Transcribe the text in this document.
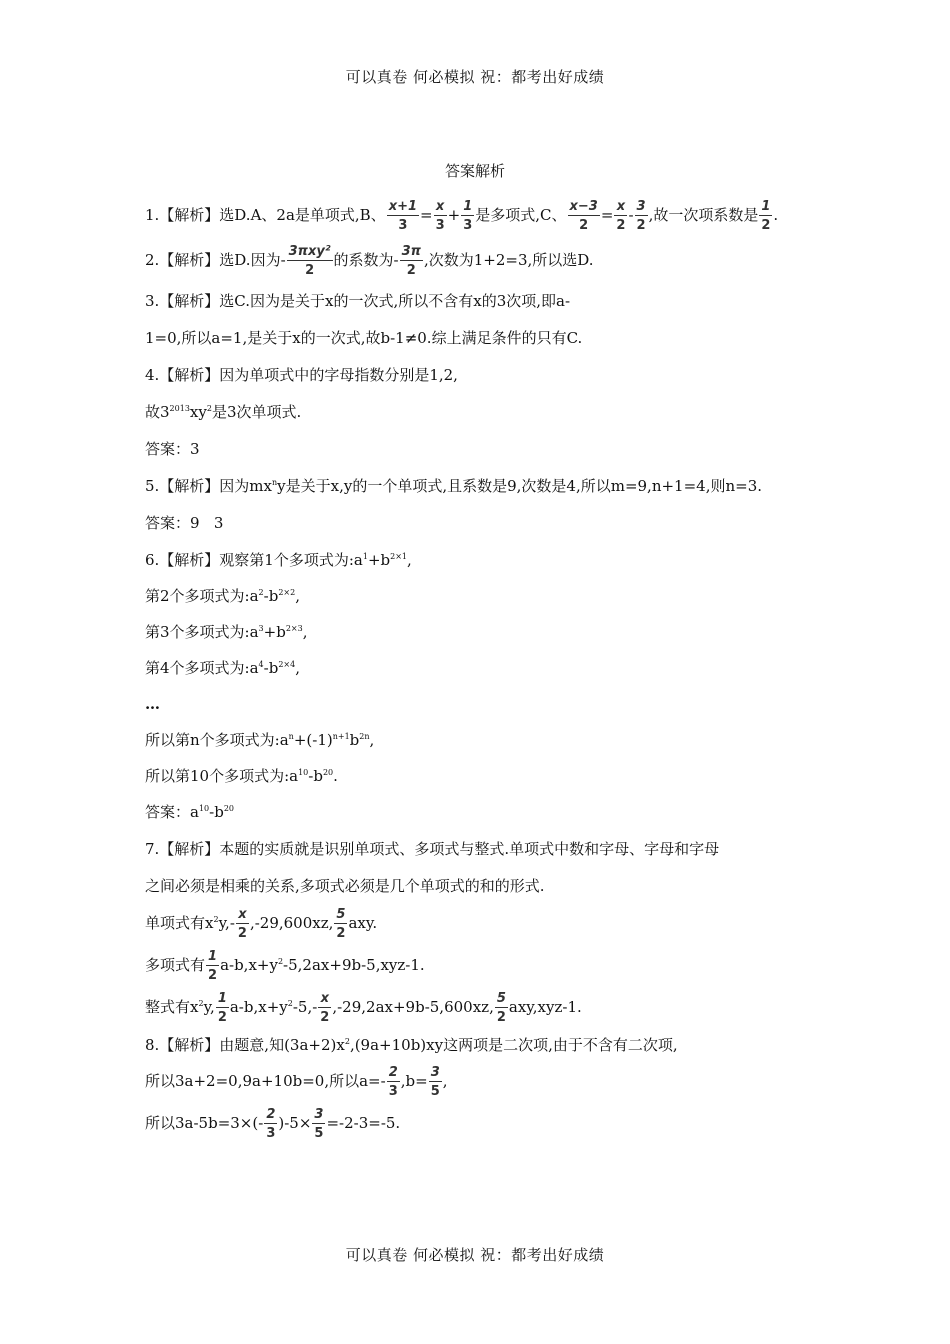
可以真卷 何必模拟 祝：都考出好成绩
答案解析
1.【解析】选D.A、2a是单项式,B、 $\frac{x+1}{3} = \frac{x}{3} + \frac{1}{3}$ 是多项式,C、 $\frac{x-3}{2} = \frac{x}{2} - \frac{3}{2}$ ,故一次项系数是 $\frac{1}{2}$ .
2.【解析】选D.因为- $\frac{\text{3πxy²}}{2}$ 的系数为- $\frac{3\pi}{2}$ ,次数为1+2=3,所以选D.
3.【解析】选C.因为是关于x的一次式,所以不含有x的3次项,即a-
1=0,所以a=1,是关于x的一次式,故b-1≠0.综上满足条件的只有C.
4.【解析】因为单项式中的字母指数分别是1,2,
故$3^{2013}xy^2$是3次单项式.
答案：3
5.【解析】因为$mx^ny$是关于x,y的一个单项式,且系数是9,次数是4,所以m=9,n+1=4,则n=3.
答案：9   3
6.【解析】观察第1个多项式为$:a^1+b^{2\times 1}$,
第2个多项式为$:a^2-b^{2\times 2}$,
第3个多项式为$:a^3+b^{2\times 3}$,
第4个多项式为$:a^4-b^{2\times 4}$,
…
所以第n个多项式为$:a^n+(-1)^{n+1}b^{2n}$,
所以第10个多项式为$:a^{10}-b^{20}$.
答案：$a^{10}-b^{20}$
7.【解析】本题的实质就是识别单项式、多项式与整式.单项式中数和字母、字母和字母
之间必须是相乘的关系,多项式必须是几个单项式的和的形式.
单项式有$x^2y,- \frac{x}{2} ,-29,600xz$, $\frac{5}{2}$ axy.
多项式有 $\frac{1}{2} a-b,x+y^2-5,2ax+9b-5,xyz-1$.
整式有$x^2y$, $\frac{1}{2} a-b,x+y^2-5,- \frac{x}{2} ,-29,2ax+9b-5,600xz$, $\frac{5}{2} axy,xyz-1$.
8.【解析】由题意,知$(3a+2)x^2,(9a+10b)xy$这两项是二次项,由于不含有二次项,
所以3a+2=0,9a+10b=0,所以$a=- \frac{2}{3} ,b= \frac{3}{5}$ ,
所以$3a-5b=3\times(- \frac{2}{3} )-5\times \frac{3}{5} =-2-3=-5$.
可以真卷 何必模拟 祝：都考出好成绩
